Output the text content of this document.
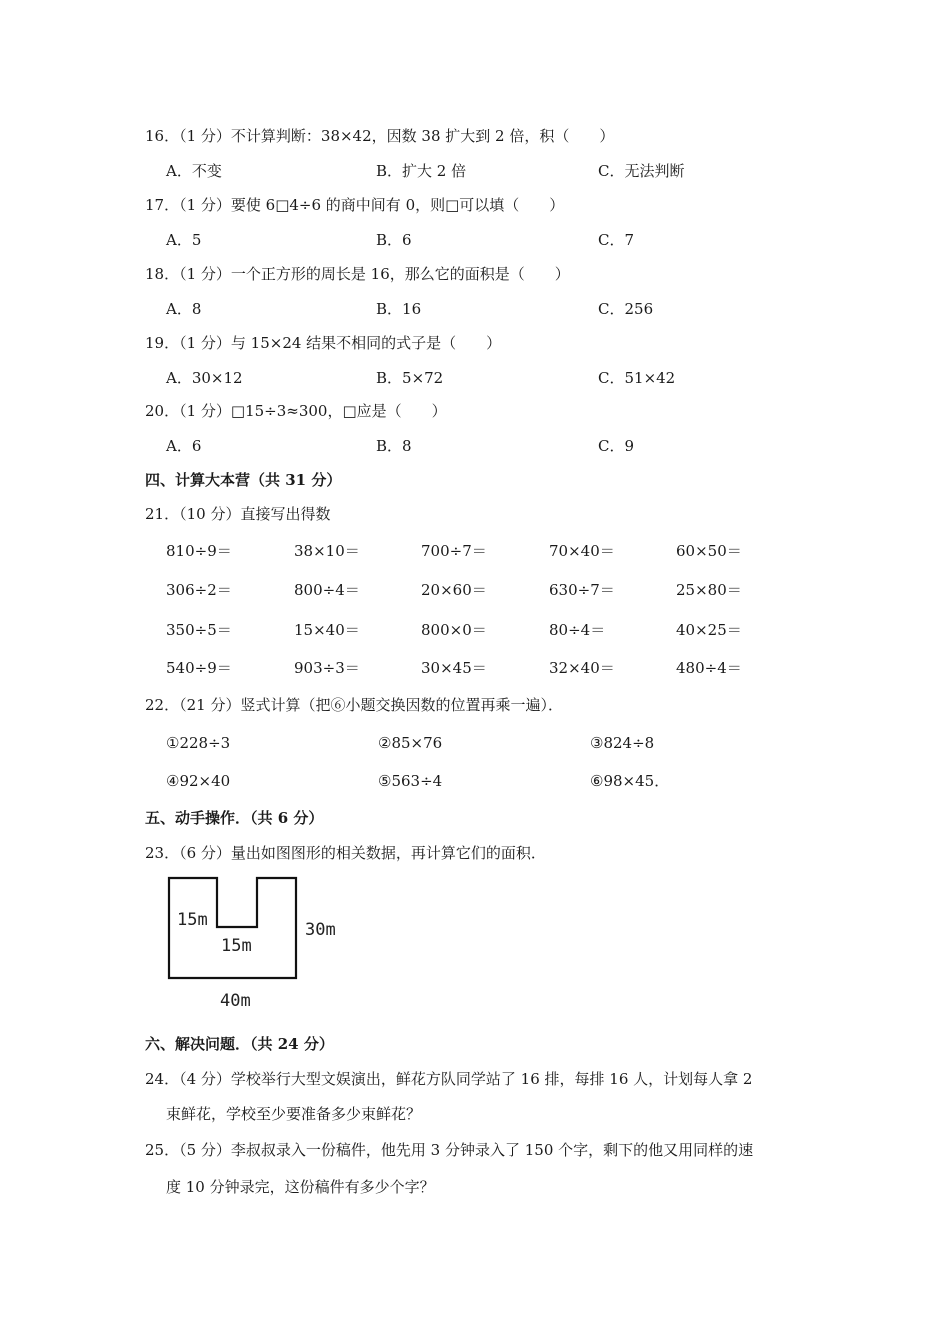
16．（1 分）不计算判断：38×42，因数 38 扩大到 2 倍，积（　　）
A．不变	B．扩大 2 倍	C．无法判断
17．（1 分）要使 6□4÷6 的商中间有 0，则□可以填（　　）
A．5	B．6	C．7
18．（1 分）一个正方形的周长是 16，那么它的面积是（　　）
A．8	B．16	C．256
19．（1 分）与 15×24 结果不相同的式子是（　　）
A．30×12	B．5×72	C．51×42
20．（1 分）□15÷3≈300，□应是（　　）
A．6	B．8	C．9
四、计算大本营（共 31 分）
21．（10 分）直接写出得数
810÷9＝	38×10＝	700÷7＝	70×40＝	60×50＝
306÷2＝	800÷4＝	20×60＝	630÷7＝	25×80＝
350÷5＝	15×40＝	800×0＝	80÷4＝	40×25＝
540÷9＝	903÷3＝	30×45＝	32×40＝	480÷4＝
22．（21 分）竖式计算（把⑥小题交换因数的位置再乘一遍）．
①228÷3	②85×76	③824÷8
④92×40	⑤563÷4	⑥98×45．
五、动手操作．（共 6 分）
23．（6 分）量出如图图形的相关数据，再计算它们的面积．
15m
15m
30m
40m
六、解决问题．（共 24 分）
24．（4 分）学校举行大型文娱演出，鲜花方队同学站了 16 排，每排 16 人，计划每人拿 2
束鲜花，学校至少要准备多少束鲜花？
25．（5 分）李叔叔录入一份稿件，他先用 3 分钟录入了 150 个字，剩下的他又用同样的速
度 10 分钟录完，这份稿件有多少个字？
